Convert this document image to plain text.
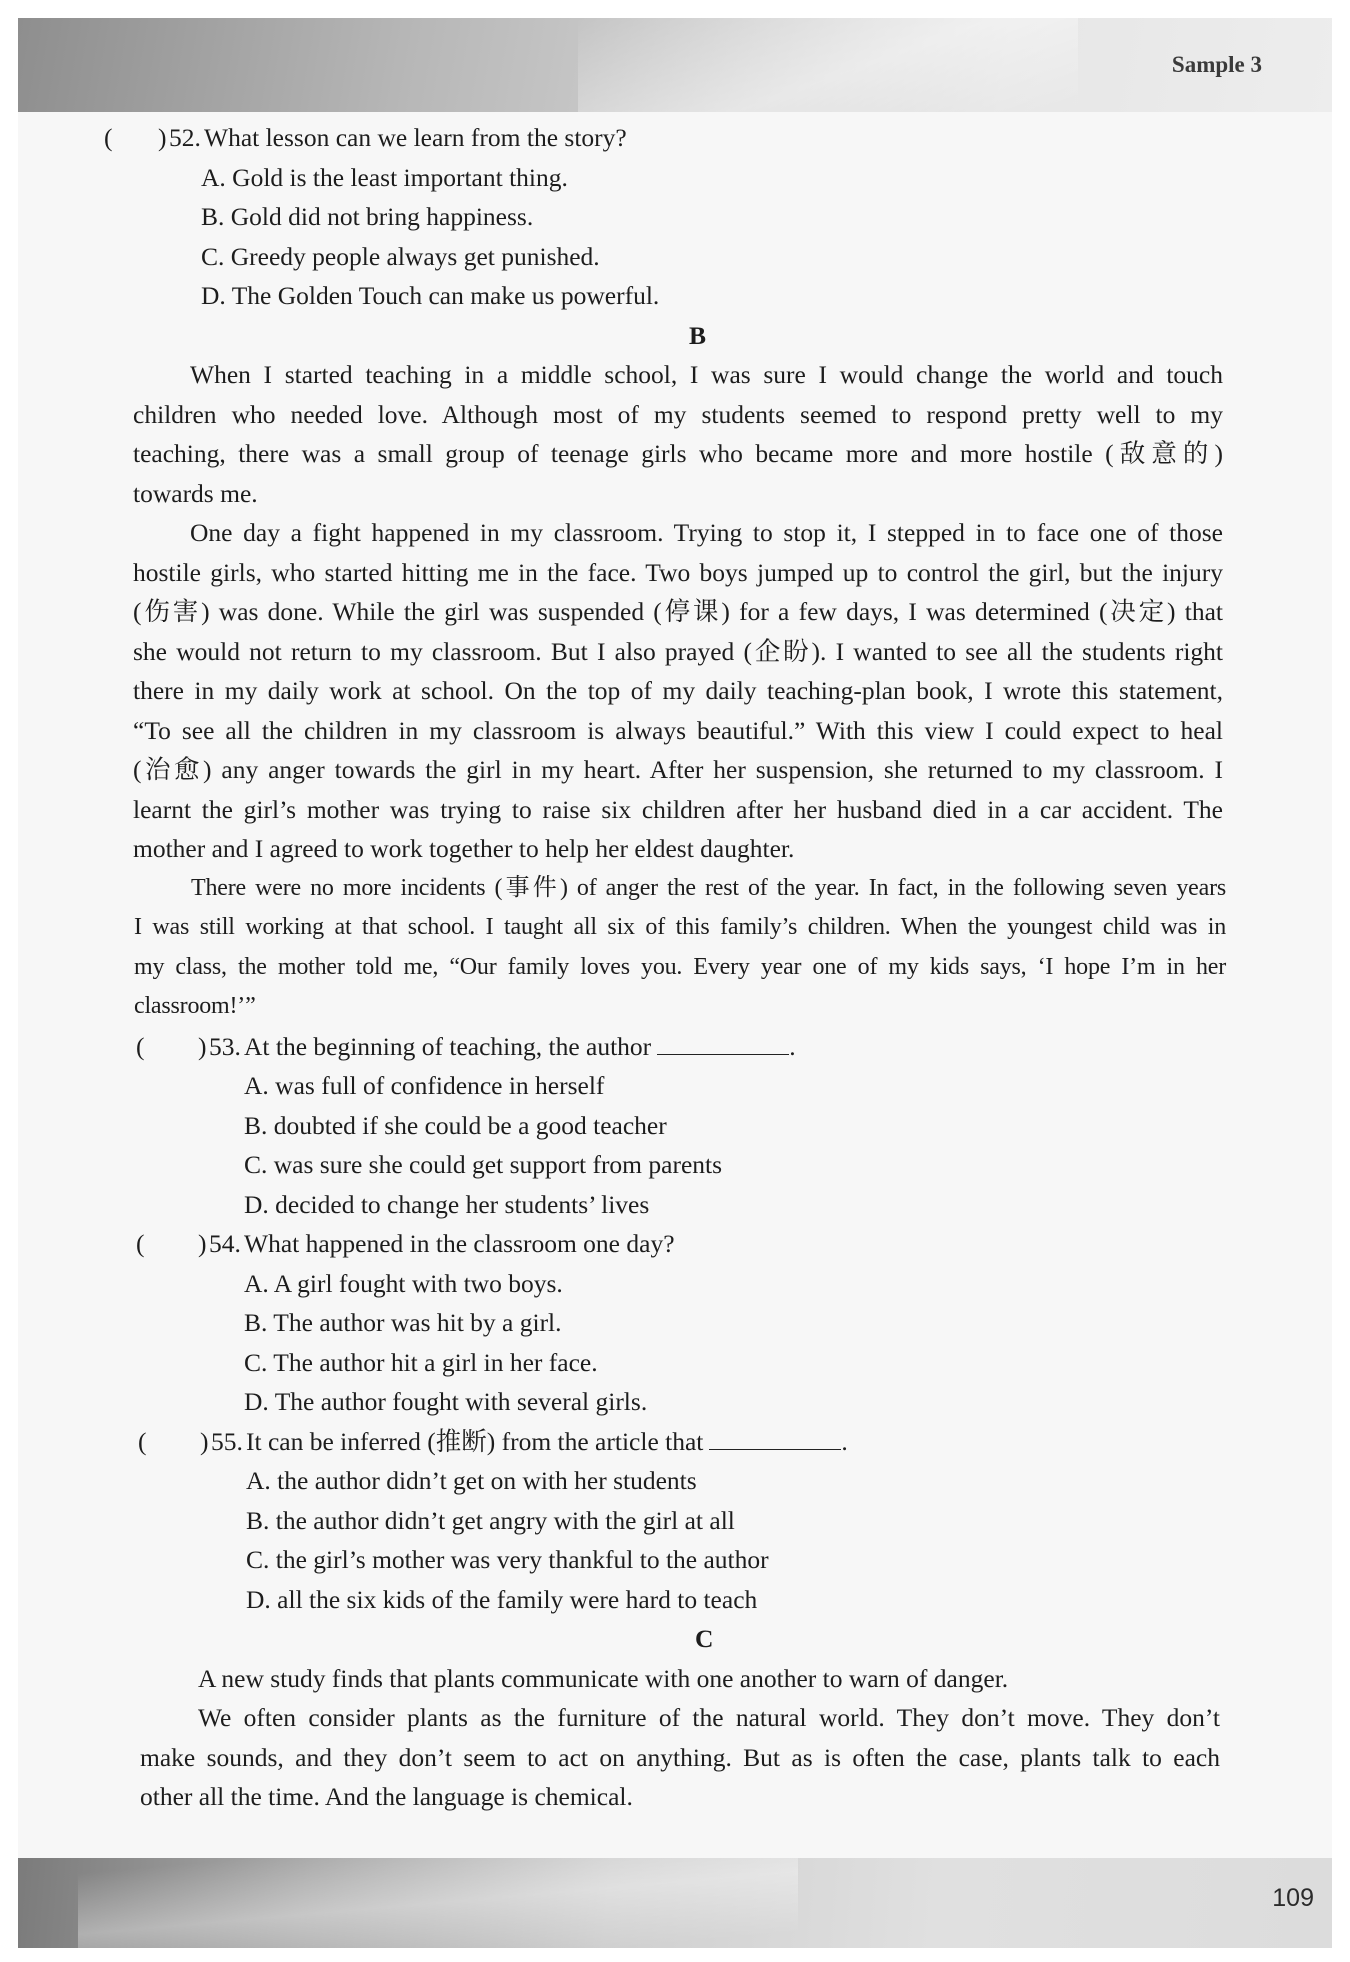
Sample 3
109
( ) 52. What lesson can we learn from the story?
A. Gold is the least important thing.
B. Gold did not bring happiness.
C. Greedy people always get punished.
D. The Golden Touch can make us powerful.
B
When I started teaching in a middle school, I was sure I would change the world and touch
children who needed love. Although most of my students seemed to respond pretty well to my
teaching, there was a small group of teenage girls who became more and more hostile (敌意的)
towards me.
One day a fight happened in my classroom. Trying to stop it, I stepped in to face one of those
hostile girls, who started hitting me in the face. Two boys jumped up to control the girl, but the injury
(伤害) was done. While the girl was suspended (停课) for a few days, I was determined (决定) that
she would not return to my classroom. But I also prayed (企盼). I wanted to see all the students right
there in my daily work at school. On the top of my daily teaching-plan book, I wrote this statement,
“To see all the children in my classroom is always beautiful.” With this view I could expect to heal
(治愈) any anger towards the girl in my heart. After her suspension, she returned to my classroom. I
learnt the girl’s mother was trying to raise six children after her husband died in a car accident. The
mother and I agreed to work together to help her eldest daughter.
There were no more incidents (事件) of anger the rest of the year. In fact, in the following seven years
I was still working at that school. I taught all six of this family’s children. When the youngest child was in
my class, the mother told me, “Our family loves you. Every year one of my kids says, ‘I hope I’m in her
classroom!’”
( ) 53. At the beginning of teaching, the author	.
A. was full of confidence in herself
B. doubted if she could be a good teacher
C. was sure she could get support from parents
D. decided to change her students’ lives
( ) 54. What happened in the classroom one day?
A. A girl fought with two boys.
B. The author was hit by a girl.
C. The author hit a girl in her face.
D. The author fought with several girls.
( ) 55. It can be inferred (推断) from the article that	.
A. the author didn’t get on with her students
B. the author didn’t get angry with the girl at all
C. the girl’s mother was very thankful to the author
D. all the six kids of the family were hard to teach
C
A new study finds that plants communicate with one another to warn of danger.
We often consider plants as the furniture of the natural world. They don’t move. They don’t
make sounds, and they don’t seem to act on anything. But as is often the case, plants talk to each
other all the time. And the language is chemical.
